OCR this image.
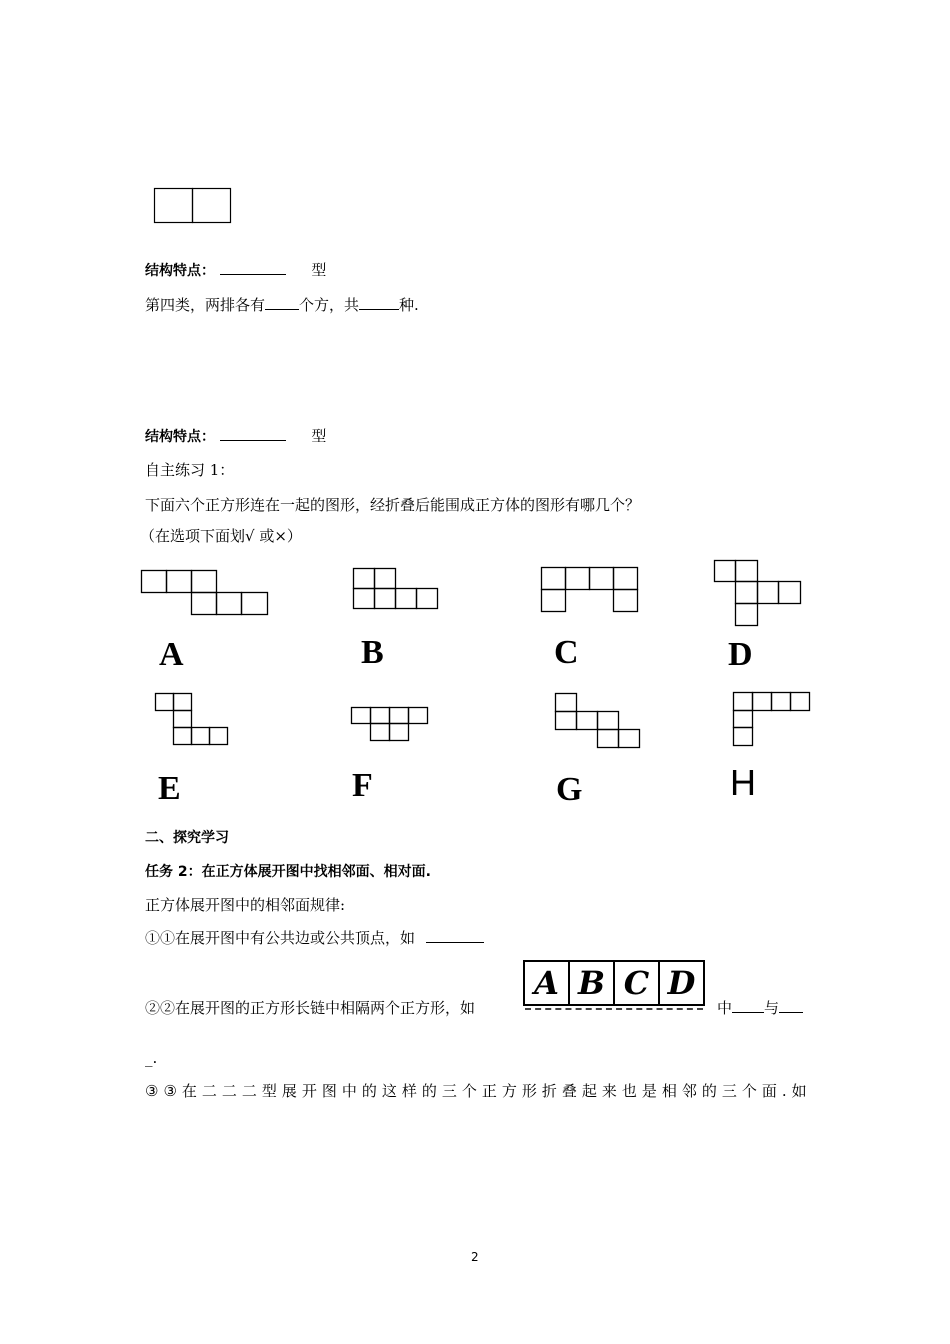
结构特点：	型
第四类，两排各有 个方，共	种.
结构特点：	型
自主练习 1：
下面六个正方形连在一起的图形，经折叠后能围成正方体的图形有哪几个？
（在选项下面划√ 或×）
A	B	C	D
E	F	G	H
二、探究学习
任务 2：在正方体展开图中找相邻面、相对面.
正方体展开图中的相邻面规律:
①①在展开图中有公共边或公共顶点，如
②②在展开图的正方形长链中相隔两个正方形，如
A B C D
中 与
_.
③ ③ 在 二 二 二 型 展 开 图 中 的 这 样 的 三 个 正 方 形 折 叠 起 来 也 是 相 邻 的 三 个 面 . 如
2
